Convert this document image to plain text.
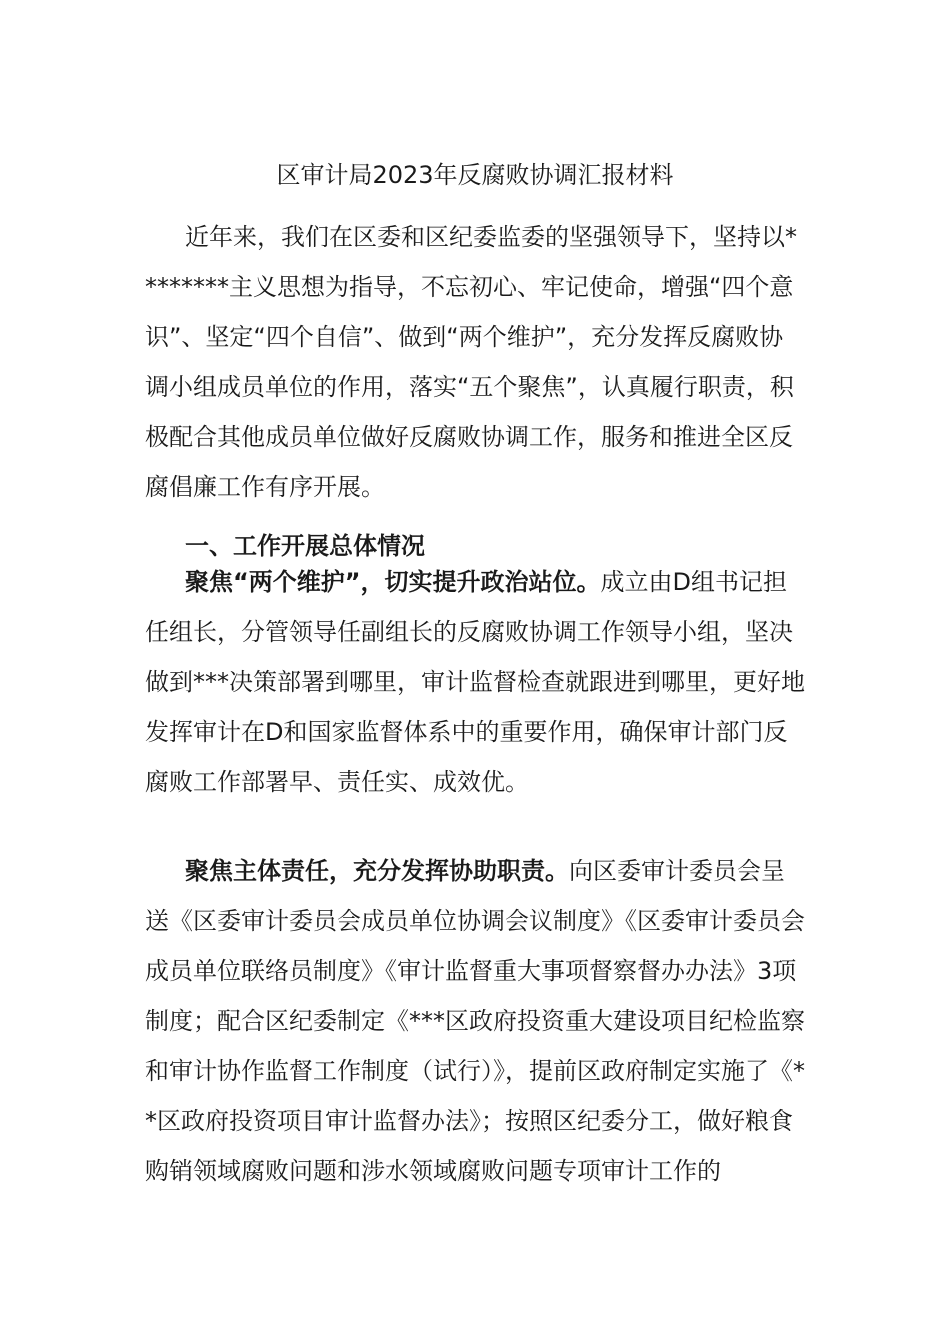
区审计局2023年反腐败协调汇报材料

近年来，我们在区委和区纪委监委的坚强领导下，坚持以********主义思想为指导，不忘初心、牢记使命，增强“四个意识”、坚定“四个自信”、做到“两个维护”，充分发挥反腐败协调小组成员单位的作用，落实“五个聚焦”，认真履行职责，积极配合其他成员单位做好反腐败协调工作，服务和推进全区反腐倡廉工作有序开展。

一、工作开展总体情况

聚焦“两个维护”，切实提升政治站位。成立由D组书记担任组长，分管领导任副组长的反腐败协调工作领导小组，坚决做到***决策部署到哪里，审计监督检查就跟进到哪里，更好地发挥审计在D和国家监督体系中的重要作用，确保审计部门反腐败工作部署早、责任实、成效优。

聚焦主体责任，充分发挥协助职责。向区委审计委员会呈送《区委审计委员会成员单位协调会议制度》《区委审计委员会成员单位联络员制度》《审计监督重大事项督察督办办法》3项制度；配合区纪委制定《***区政府投资重大建设项目纪检监察和审计协作监督工作制度（试行）》，提前区政府制定实施了《**区政府投资项目审计监督办法》；按照区纪委分工，做好粮食购销领域腐败问题和涉水领域腐败问题专项审计工作的
